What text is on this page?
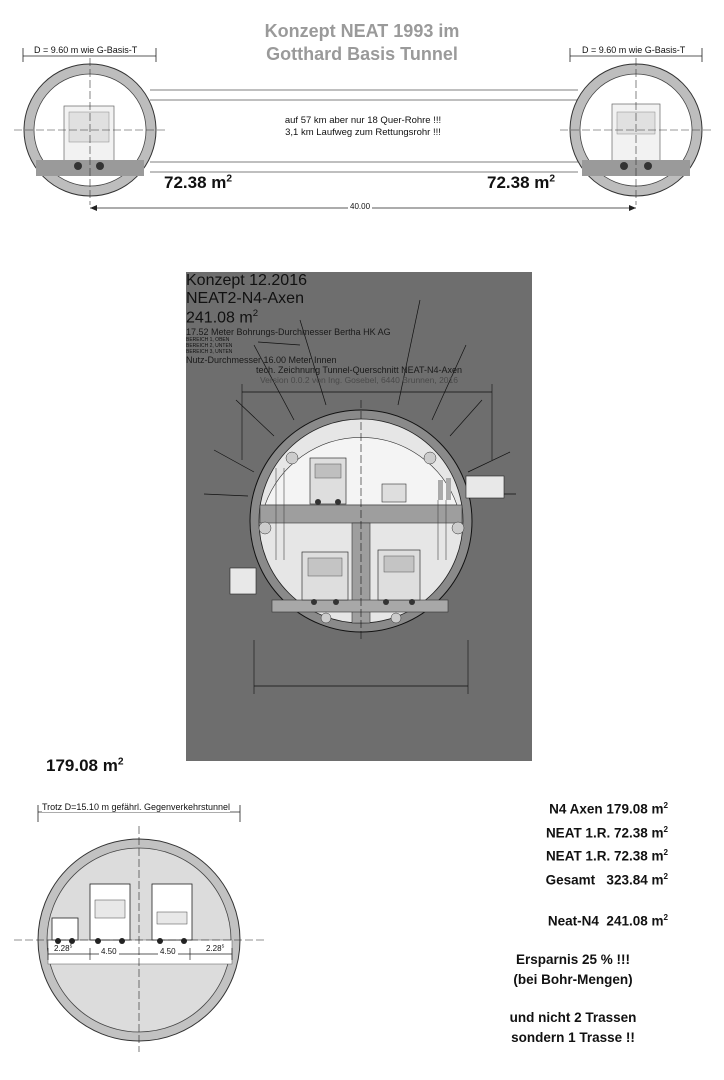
Konzept NEAT 1993 im
Gotthard Basis Tunnel
D = 9.60 m wie G-Basis-T	D = 9.60 m wie G-Basis-T
auf 57 km aber nur 18 Quer-Rohre !!!
3,1 km Laufweg zum Rettungsrohr !!!
72.38 $m^2$	72.38 $m^2$
40.00
Konzept 12.2016
NEAT2-N4-Axen
241.08 $m^2$
17.52 Meter Bohrungs-Durchmesser Bertha HK AG
BEREICH 1, OBEN
BEREICH 2, UNTEN
BEREICH 3, UNTEN
Nutz-Durchmesser 16.00 Meter Innen
tech. Zeichnung Tunnel-Querschnitt NEAT-N4-Axen
Version 0.0.2 von Ing. Gosebel, 6440 Brunnen, 2016
179.08 $m^2$
Trotz D=15.10 m gefährl. Gegenverkehrstunnel
2.28$^5$
4.50	4.50	2.28$^5$
N4 Axen 179.08 $m^2$
NEAT 1.R. 72.38 $m^2$
NEAT 1.R. 72.38 $m^2$
Gesamt   323.84 $m^2$
Neat-N4  241.08 $m^2$
Ersparnis 25 % !!!
(bei Bohr-Mengen)
und nicht 2 Trassen
sondern 1 Trasse !!
